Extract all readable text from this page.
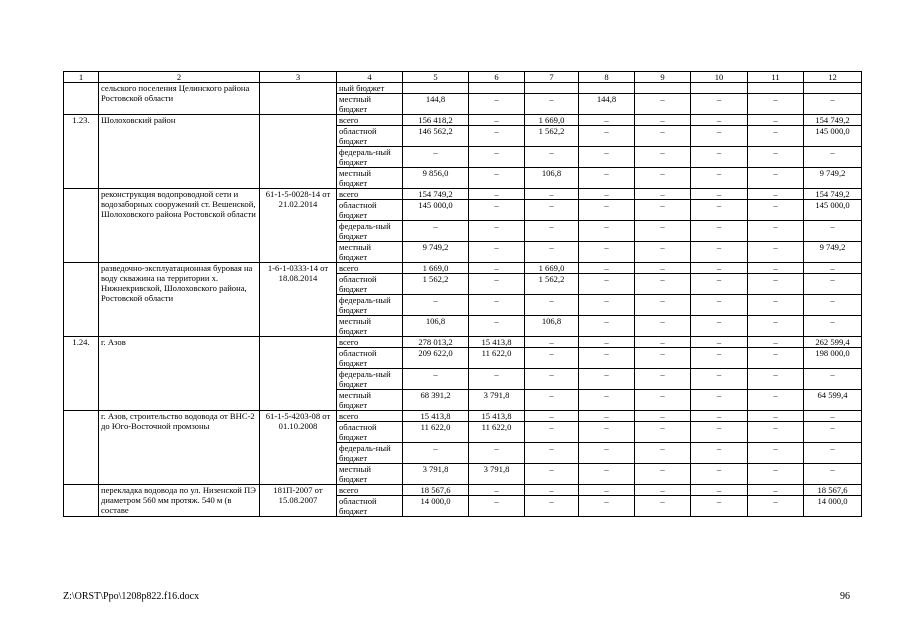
1	2	3	4	5	6	7	8	9	10	11	12
	сельского поселения Целинского района Ростовской области		ный бюджет								
			местный бюджет	144,8	–	–	144,8	–	–	–	–
1.23.	Шолоховский район		всего	156 418,2	–	1 669,0	–	–	–	–	154 749,2
			областной бюджет	146 562,2	–	1 562,2	–	–	–	–	145 000,0
			федераль-ный бюджет	–	–	–	–	–	–	–	–
			местный бюджет	9 856,0	–	106,8	–	–	–	–	9 749,2
	реконструкция водопроводной сети и водозаборных сооружений ст. Вешенской, Шолоховского района Ростовской области	61-1-5-0028-14 от 21.02.2014	всего	154 749,2	–	–	–	–	–	–	154 749,2
			областной бюджет	145 000,0	–	–	–	–	–	–	145 000,0
			федераль-ный бюджет	–	–	–	–	–	–	–	–
			местный бюджет	9 749,2	–	–	–	–	–	–	9 749,2
	разведочно-эксплуатационная буровая на воду скважина на территории х. Нижнекривской, Шолоховского района, Ростовской области	1-6-1-0333-14 от 18.08.2014	всего	1 669,0	–	1 669,0	–	–	–	–	–
			областной бюджет	1 562,2	–	1 562,2	–	–	–	–	–
			федераль-ный бюджет	–	–	–	–	–	–	–	–
			местный бюджет	106,8	–	106,8	–	–	–	–	–
1.24.	г. Азов		всего	278 013,2	15 413,8	–	–	–	–	–	262 599,4
			областной бюджет	209 622,0	11 622,0	–	–	–	–	–	198 000,0
			федераль-ный бюджет	–	–	–	–	–	–	–	–
			местный бюджет	68 391,2	3 791,8	–	–	–	–	–	64 599,4
	г. Азов, строительство водовода от ВНС-2 до Юго-Восточной промзоны	61-1-5-4203-08 от 01.10.2008	всего	15 413,8	15 413,8	–	–	–	–	–	–
			областной бюджет	11 622,0	11 622,0	–	–	–	–	–	–
			федераль-ный бюджет	–	–	–	–	–	–	–	–
			местный бюджет	3 791,8	3 791,8	–	–	–	–	–	–
	перекладка водовода по ул. Низенской ПЭ диаметром 560 мм протяж. 540 м (в составе	181П-2007 от 15.08.2007	всего	18 567,6	–	–	–	–	–	–	18 567,6
			областной бюджет	14 000,0	–	–	–	–	–	–	14 000,0
Z:\ORST\Ppo\1208p822.f16.docx	96
